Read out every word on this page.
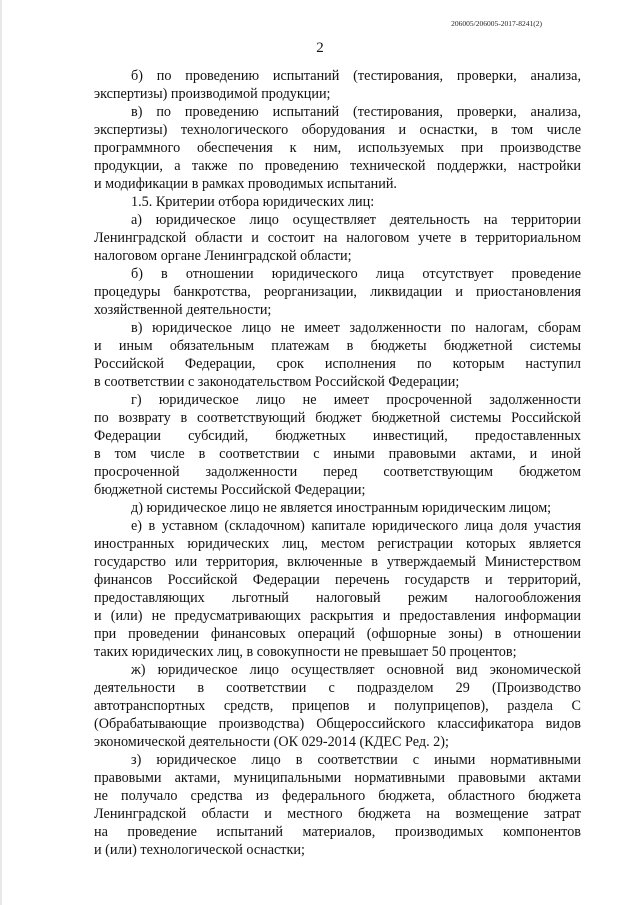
206005/206005-2017-8241(2)
2

б) по проведению испытаний (тестирования, проверки, анализа,
экспертизы) производимой продукции;

в) по проведению испытаний (тестирования, проверки, анализа,
экспертизы) технологического оборудования и оснастки, в том числе
программного обеспечения к ним, используемых при производстве
продукции, а также по проведению технической поддержки, настройки
и модификации в рамках проводимых испытаний.

1.5. Критерии отбора юридических лиц:

а) юридическое лицо осуществляет деятельность на территории
Ленинградской области и состоит на налоговом учете в территориальном
налоговом органе Ленинградской области;

б) в отношении юридического лица отсутствует проведение
процедуры банкротства, реорганизации, ликвидации и приостановления
хозяйственной деятельности;

в) юридическое лицо не имеет задолженности по налогам, сборам
и иным обязательным платежам в бюджеты бюджетной системы
Российской Федерации, срок исполнения по которым наступил
в соответствии с законодательством Российской Федерации;

г) юридическое лицо не имеет просроченной задолженности
по возврату в соответствующий бюджет бюджетной системы Российской
Федерации субсидий, бюджетных инвестиций, предоставленных
в том числе в соответствии с иными правовыми актами, и иной
просроченной задолженности перед соответствующим бюджетом
бюджетной системы Российской Федерации;

д) юридическое лицо не является иностранным юридическим лицом;

е) в уставном (складочном) капитале юридического лица доля участия
иностранных юридических лиц, местом регистрации которых является
государство или территория, включенные в утверждаемый Министерством
финансов Российской Федерации перечень государств и территорий,
предоставляющих льготный налоговый режим налогообложения
и (или) не предусматривающих раскрытия и предоставления информации
при проведении финансовых операций (офшорные зоны) в отношении
таких юридических лиц, в совокупности не превышает 50 процентов;

ж) юридическое лицо осуществляет основной вид экономической
деятельности в соответствии с подразделом 29 (Производство
автотранспортных средств, прицепов и полуприцепов), раздела С
(Обрабатывающие производства) Общероссийского классификатора видов
экономической деятельности (ОК 029-2014 (КДЕС Ред. 2);

з) юридическое лицо в соответствии с иными нормативными
правовыми актами, муниципальными нормативными правовыми актами
не получало средства из федерального бюджета, областного бюджета
Ленинградской области и местного бюджета на возмещение затрат
на проведение испытаний материалов, производимых компонентов
и (или) технологической оснастки;
